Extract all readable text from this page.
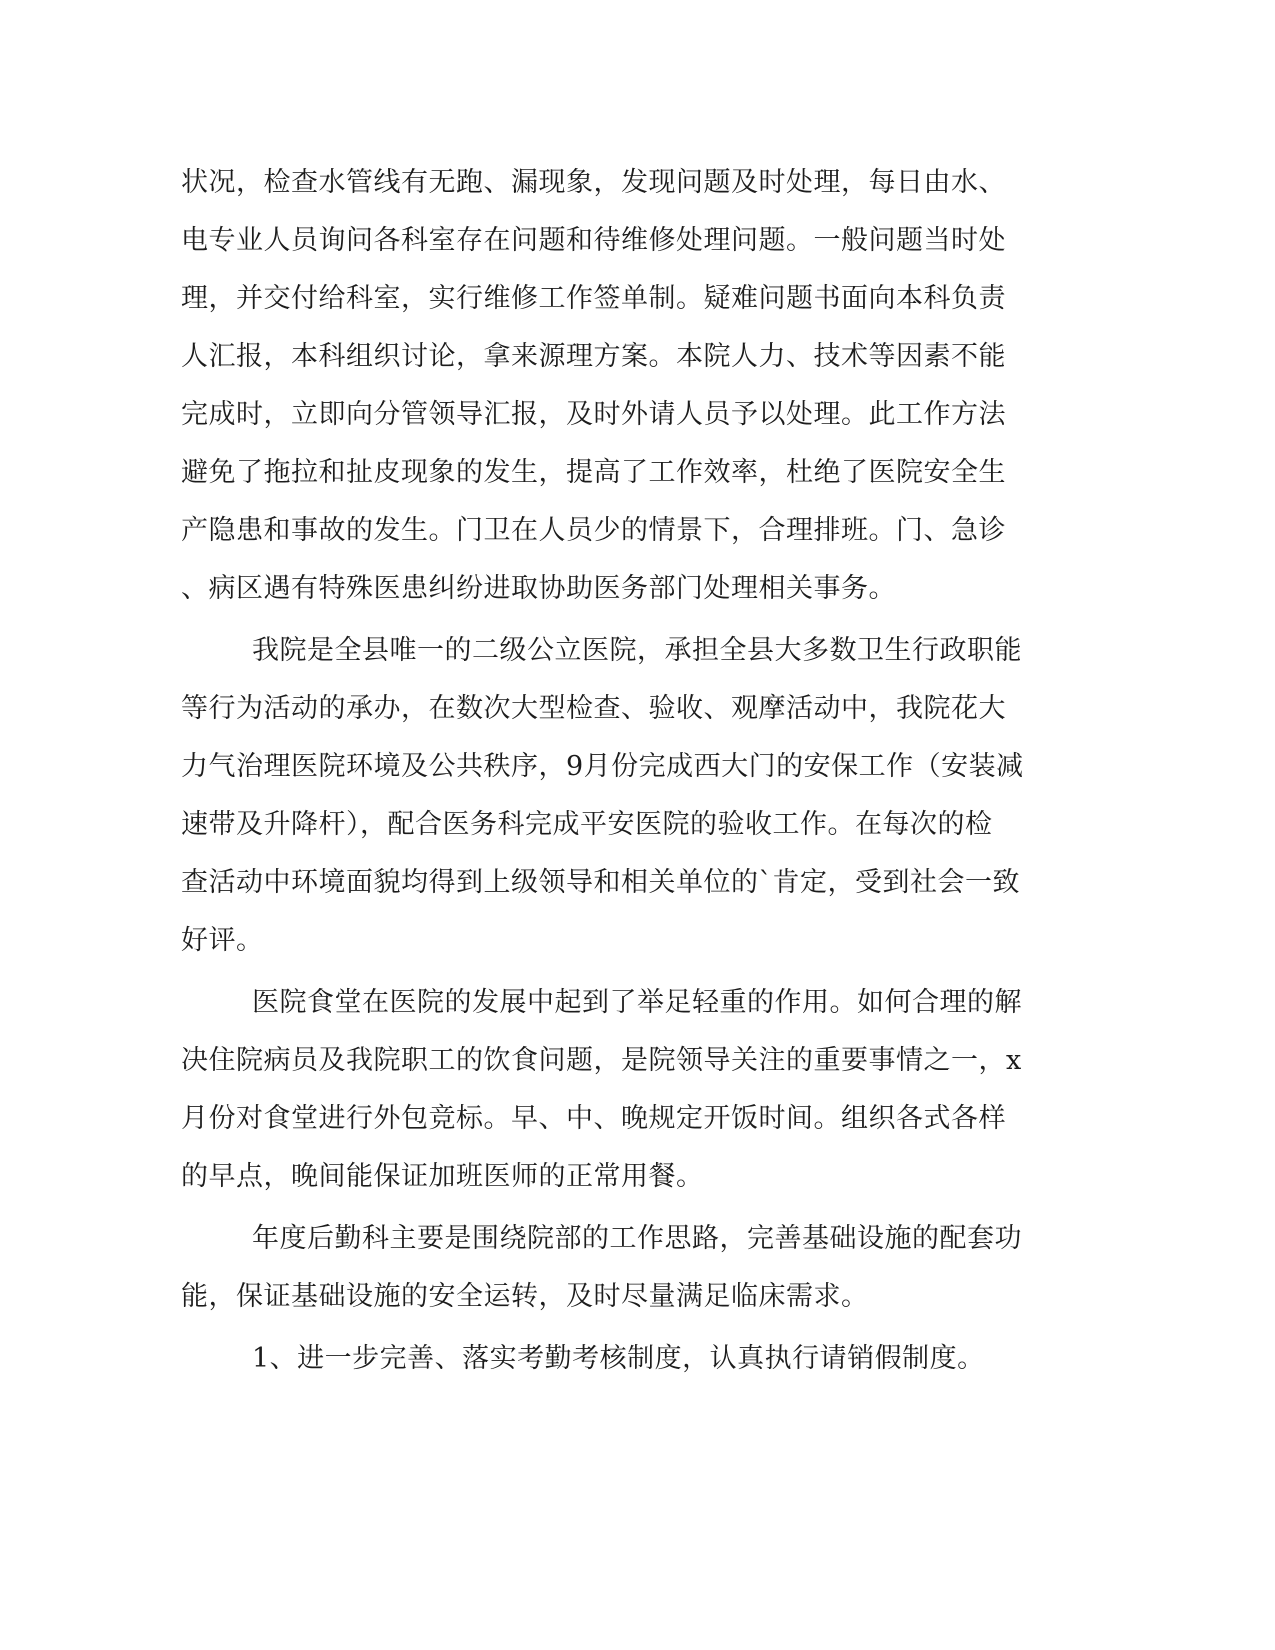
状况，检查水管线有无跑、漏现象，发现问题及时处理，每日由水、

电专业人员询问各科室存在问题和待维修处理问题。一般问题当时处

理，并交付给科室，实行维修工作签单制。疑难问题书面向本科负责

人汇报，本科组织讨论，拿来源理方案。本院人力、技术等因素不能

完成时，立即向分管领导汇报，及时外请人员予以处理。此工作方法

避免了拖拉和扯皮现象的发生，提高了工作效率，杜绝了医院安全生

产隐患和事故的发生。门卫在人员少的情景下，合理排班。门、急诊

、病区遇有特殊医患纠纷进取协助医务部门处理相关事务。

我院是全县唯一的二级公立医院，承担全县大多数卫生行政职能

等行为活动的承办，在数次大型检查、验收、观摩活动中，我院花大

力气治理医院环境及公共秩序，9月份完成西大门的安保工作（安装减

速带及升降杆），配合医务科完成平安医院的验收工作。在每次的检

查活动中环境面貌均得到上级领导和相关单位的`肯定，受到社会一致

好评。

医院食堂在医院的发展中起到了举足轻重的作用。如何合理的解

决住院病员及我院职工的饮食问题，是院领导关注的重要事情之一，x

月份对食堂进行外包竞标。早、中、晚规定开饭时间。组织各式各样

的早点，晚间能保证加班医师的正常用餐。

年度后勤科主要是围绕院部的工作思路，完善基础设施的配套功

能，保证基础设施的安全运转，及时尽量满足临床需求。

1、进一步完善、落实考勤考核制度，认真执行请销假制度。
